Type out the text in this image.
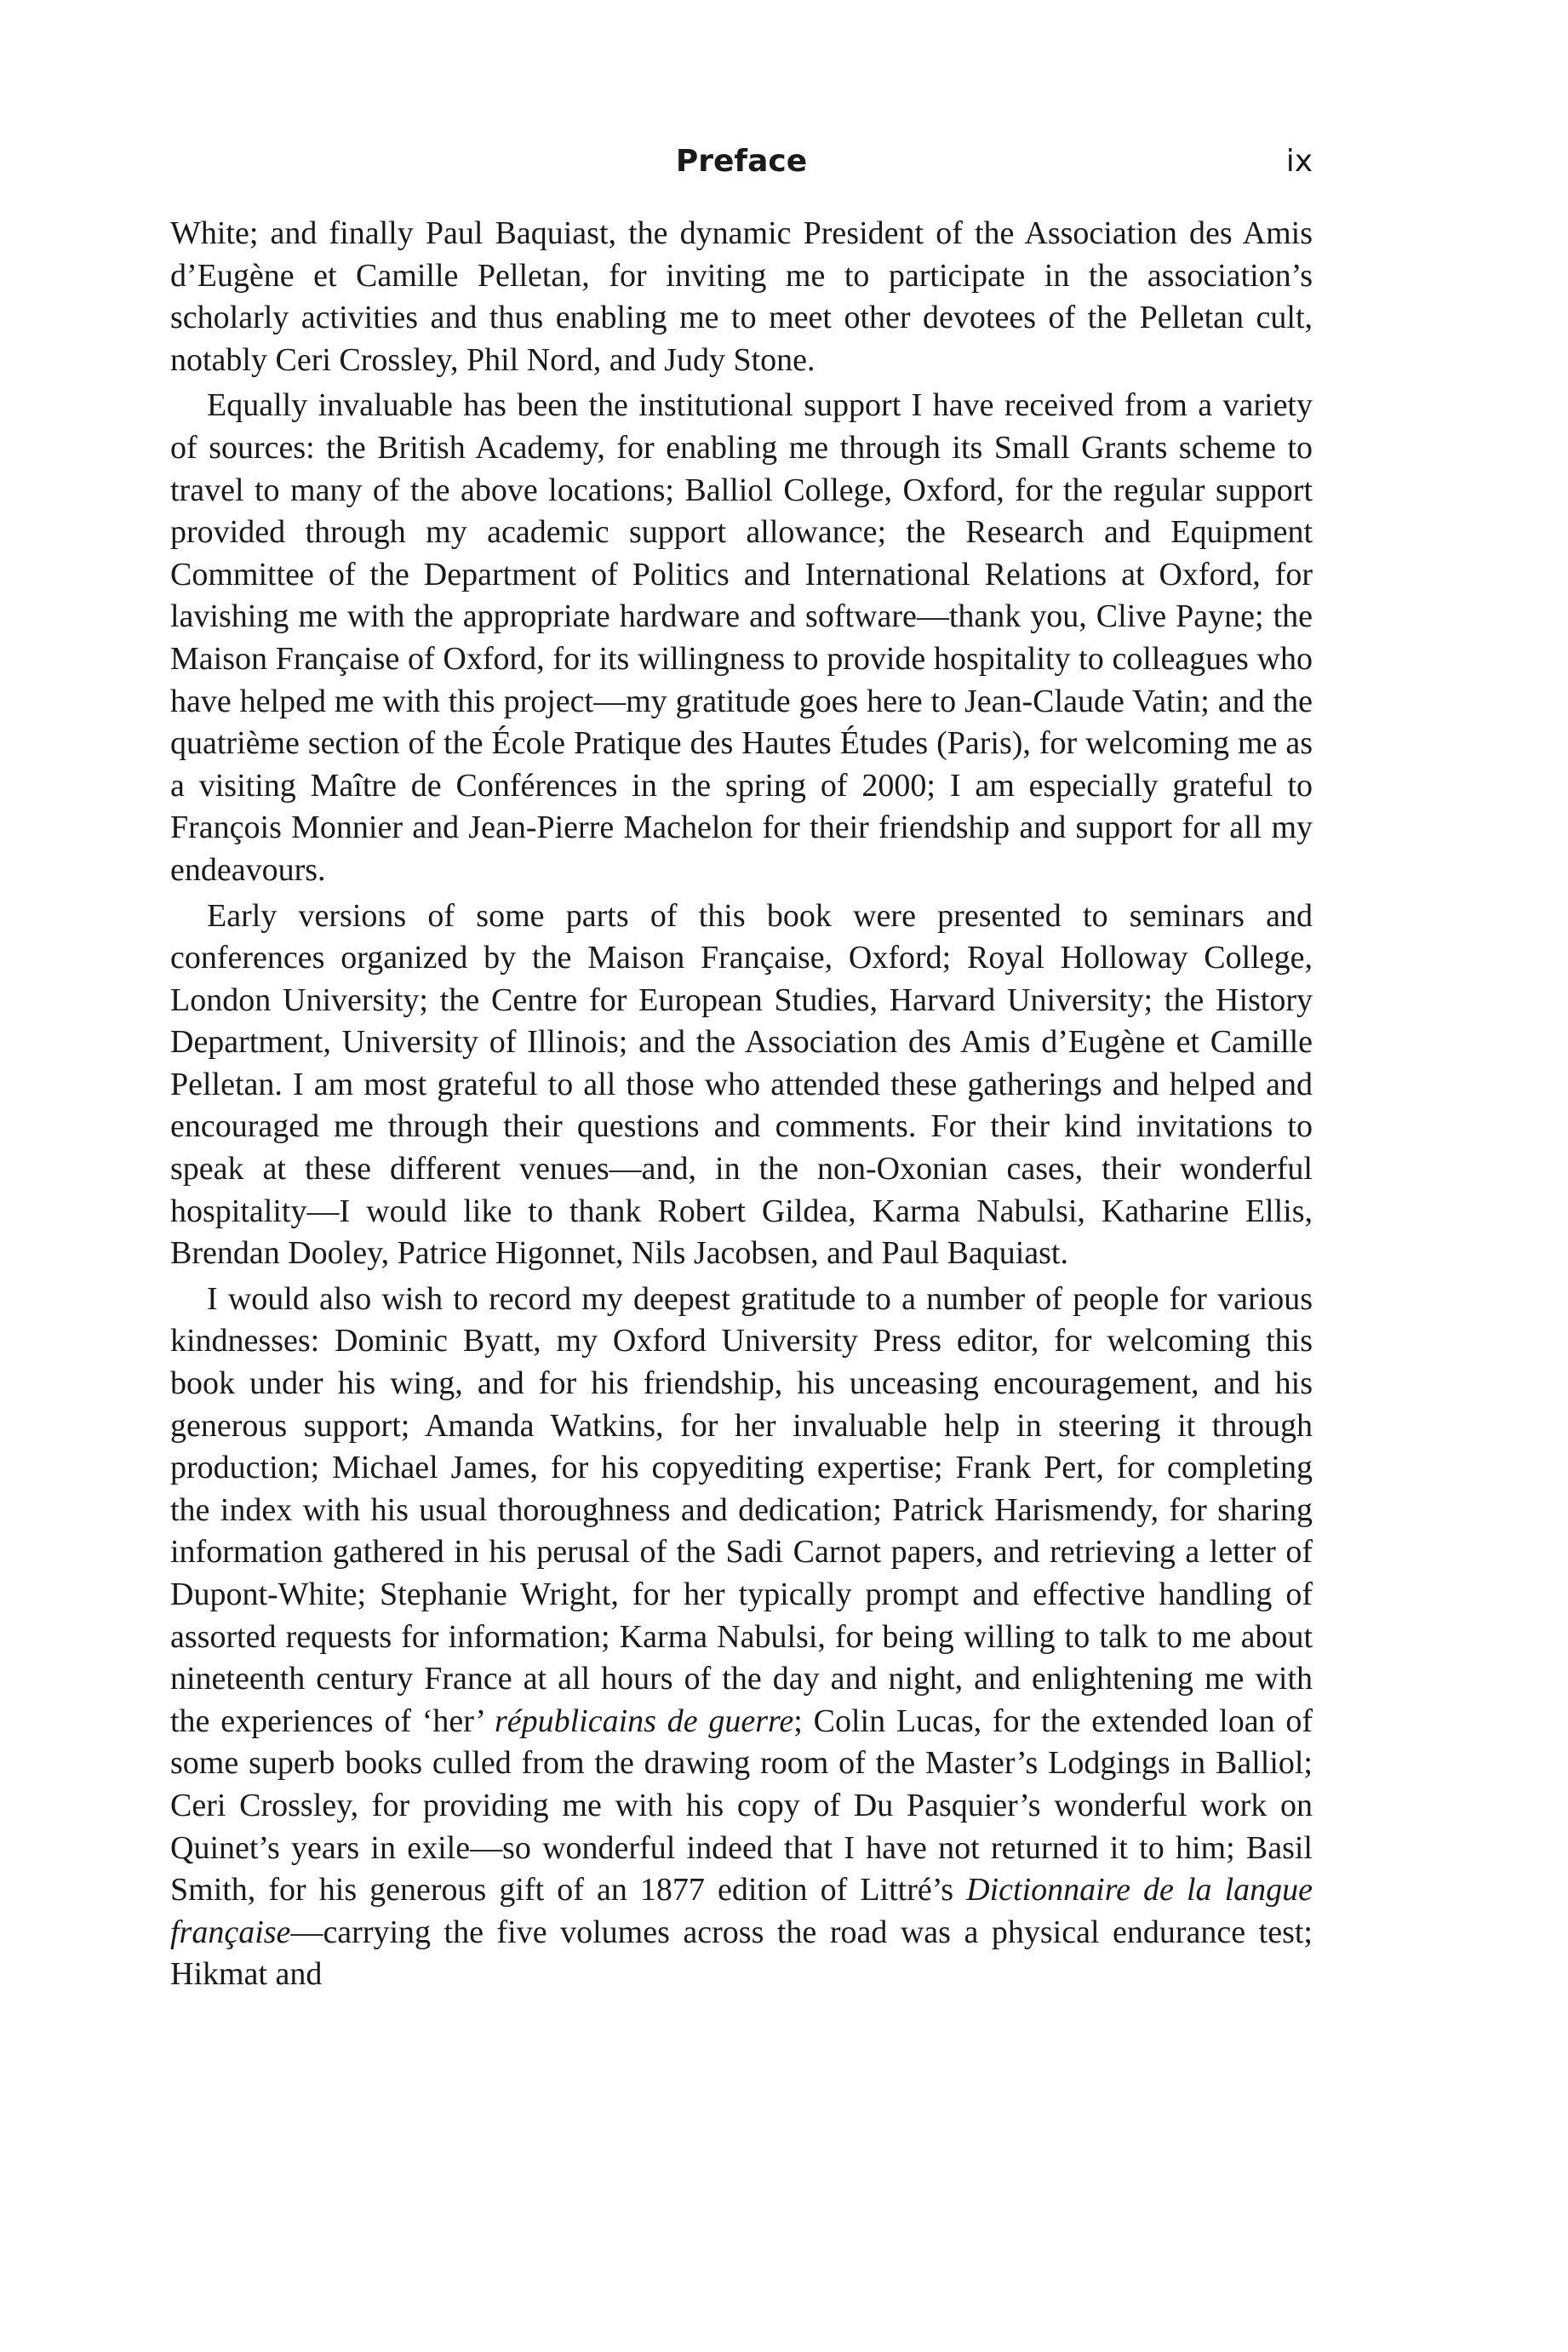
Preface	ix

White; and finally Paul Baquiast, the dynamic President of the Association des Amis d’Eugène et Camille Pelletan, for inviting me to participate in the association’s scholarly activities and thus enabling me to meet other devotees of the Pelletan cult, notably Ceri Crossley, Phil Nord, and Judy Stone.

Equally invaluable has been the institutional support I have received from a variety of sources: the British Academy, for enabling me through its Small Grants scheme to travel to many of the above locations; Balliol College, Oxford, for the regular support provided through my academic support allowance; the Research and Equipment Committee of the Department of Politics and International Relations at Oxford, for lavishing me with the appropriate hardware and software—thank you, Clive Payne; the Maison Française of Oxford, for its willingness to provide hospitality to colleagues who have helped me with this project—my gratitude goes here to Jean-Claude Vatin; and the quatrième section of the École Pratique des Hautes Études (Paris), for welcoming me as a visiting Maître de Conférences in the spring of 2000; I am especially grateful to François Monnier and Jean-Pierre Machelon for their friendship and support for all my endeavours.

Early versions of some parts of this book were presented to seminars and conferences organized by the Maison Française, Oxford; Royal Holloway College, London University; the Centre for European Studies, Harvard University; the History Department, University of Illinois; and the Association des Amis d’Eugène et Camille Pelletan. I am most grateful to all those who attended these gatherings and helped and encouraged me through their questions and comments. For their kind invitations to speak at these different venues—and, in the non-Oxonian cases, their wonderful hospitality—I would like to thank Robert Gildea, Karma Nabulsi, Katharine Ellis, Brendan Dooley, Patrice Higonnet, Nils Jacobsen, and Paul Baquiast.

I would also wish to record my deepest gratitude to a number of people for various kindnesses: Dominic Byatt, my Oxford University Press editor, for welcoming this book under his wing, and for his friendship, his unceasing encouragement, and his generous support; Amanda Watkins, for her invaluable help in steering it through production; Michael James, for his copyediting expertise; Frank Pert, for completing the index with his usual thoroughness and dedication; Patrick Harismendy, for sharing information gathered in his perusal of the Sadi Carnot papers, and retrieving a letter of Dupont-White; Stephanie Wright, for her typically prompt and effective handling of assorted requests for information; Karma Nabulsi, for being willing to talk to me about nineteenth century France at all hours of the day and night, and enlightening me with the experiences of ‘her’ républicains de guerre; Colin Lucas, for the extended loan of some superb books culled from the drawing room of the Master’s Lodgings in Balliol; Ceri Crossley, for providing me with his copy of Du Pasquier’s wonderful work on Quinet’s years in exile—so wonderful indeed that I have not returned it to him; Basil Smith, for his generous gift of an 1877 edition of Littré’s Dictionnaire de la langue française—carrying the five volumes across the road was a physical endurance test; Hikmat and
